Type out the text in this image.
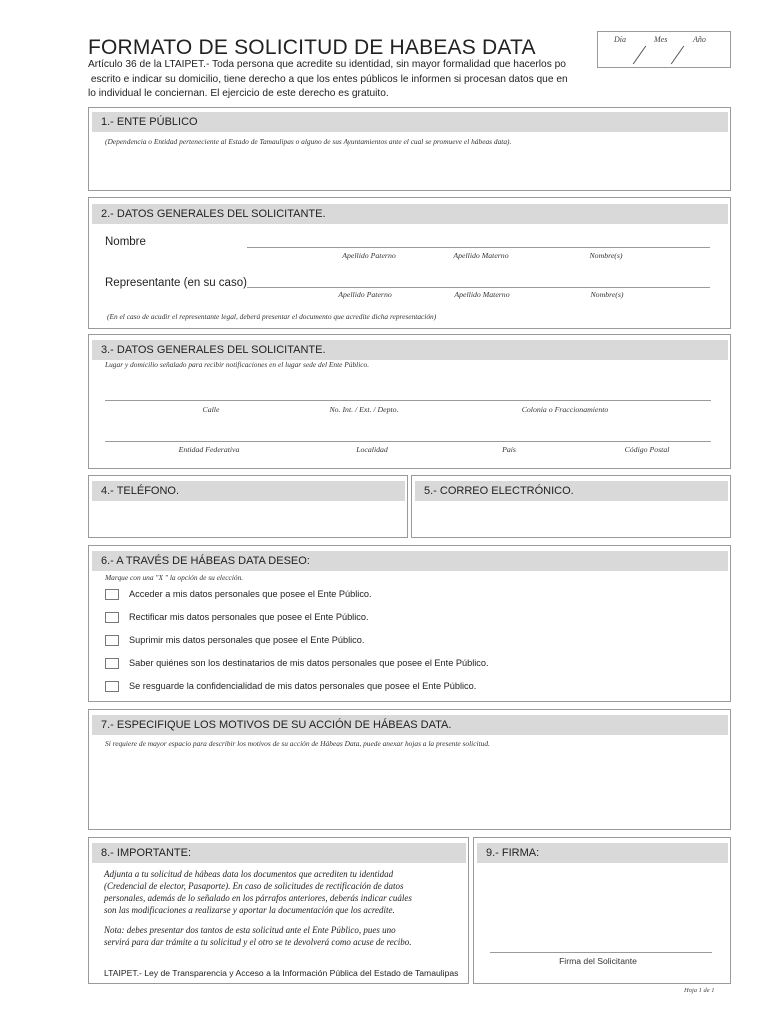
FORMATO DE SOLICITUD DE HABEAS DATA
Artículo 36 de la LTAIPET.- Toda persona que acredite su identidad, sin mayor formalidad que hacerlos po
escrito e indicar su domicilio, tiene derecho a que los entes públicos le informen si procesan datos que en
lo individual le conciernan. El ejercicio de este derecho es gratuito.
Día	Mes	Año
1.- ENTE PÚBLICO
(Dependencia o Entidad perteneciente al Estado de Tamaulipas o alguno de sus Ayuntamientos ante el cual se promueve el hábeas data).
2.- DATOS GENERALES DEL SOLICITANTE.
Nombre
Apellido Paterno	Apellido Materno	Nombre(s)
Representante (en su caso)
Apellido Paterno	Apellido Materno	Nombre(s)
(En el caso de acudir el representante legal, deberá presentar el documento que acredite dicha representación)
3.- DATOS GENERALES DEL SOLICITANTE.
Lugar y domicilio señalado para recibir notificaciones en el lugar sede del Ente Público.
Calle	No. Int. / Ext. / Depto.	Colonia o Fraccionamiento
Entidad Federativa	Localidad	País	Código Postal
4.- TELÉFONO.	5.- CORREO ELECTRÓNICO.
6.- A TRAVÉS DE HÁBEAS DATA DESEO:
Marque con una "X " la opción de su elección.
Acceder a mis datos personales que posee el Ente Público.
Rectificar mis datos personales que posee el Ente Público.
Suprimir mis datos personales que posee el Ente Público.
Saber quiénes son los destinatarios de mis datos personales que posee el Ente Público.
Se resguarde la confidencialidad de mis datos personales que posee el Ente Público.
7.- ESPECIFIQUE LOS MOTIVOS DE SU ACCIÓN DE HÁBEAS DATA.
Si requiere de mayor espacio para describir los motivos de su acción de Hábeas Data, puede anexar hojas a la presente solicitud.
8.- IMPORTANTE:
Adjunta a tu solicitud de hábeas data los documentos que acrediten tu identidad
(Credencial de elector, Pasaporte). En caso de solicitudes de rectificación de datos
personales, además de lo señalado en los párrafos anteriores, deberás indicar cuáles
son las modificaciones a realizarse y aportar la documentación que los acredite.
Nota: debes presentar dos tantos de esta solicitud ante el Ente Público, pues uno
servirá para dar trámite a tu solicitud y el otro se te devolverá como acuse de recibo.
LTAIPET.- Ley de Transparencia y Acceso a la Información Pública del Estado de Tamaulipas
9.- FIRMA:
Firma del Solicitante
Hoja 1 de 1
